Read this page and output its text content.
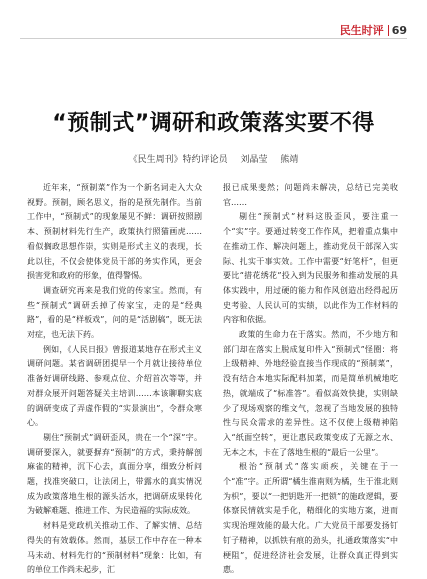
民生时评 69
“预制式”调研和政策落实要不得
《民生周刊》特约评论员 刘晶莹 熊靖

近年来，“预制菜”作为一个新名词走入大众视野。预制，顾名思义，指的是预先制作。当前工作中，“预制式”的现象屡见不鲜：调研按照剧本、预制材料先行生产，政策执行照猫画虎……看似搁政思想作崇，实则是形式主义的表现，长此以往，不仅会使体党员干部的务实作风，更会损害党和政府的形象，值得警惕。

调查研究再来是我们党的传家宝。然而，有些“预制式”调研丢掉了传家宝，走的是“经典路”，看的是“样板戏”，问的是“活剧稿”，既无法对症，也无法下药。

例如，《人民日报》曾报道某地存在形式主义调研问题。某省调研团提早一个月就让接待单位准备好调研线路、参观点位、介绍首次等等，并对群众展开问题答疑关主培训……本该聊聊实底的调研变成了弄虚作假的“实景演出”，令群众寒心。

剔住“预制式”调研歪风，贵在一个“深”字。调研要深入，就要摒弃“预制”的方式，秉持解剖麻雀的精神，沉下心去，真面分享，细致分析问题，找准突破口，让法闭上，带露水的真实情况成为政策落地生根的源头活水，把调研成果转化为破解难题、推进工作、为民造福的实际成效。

材料是党政机关推动工作、了解实情、总结得失的有效载体。然而，基层工作中存在一种本马未动、材料先行的“预制材料”现象：比如，有的单位工作尚未起步，汇

报已成果斐然；问题尚未解决，总结已完美收官……

剔住“预制式”材料这股歪风，要注重一个“实”字。要通过转变工作作风，把着重点集中在推动工作、解决问题上，推动党员干部深入实际、扎实干事实效。工作中需要“好笔杆”，但更要比“措花绣花”投入到为民服务和推动发展的具体实践中，用过硬的能力和作风创造出经得起历史考验、人民认可的实绩，以此作为工作材料的内容和依据。

政策的生命力在于落实。然而，不少地方和部门却在落实上脱成复印件入“预制式”怪圈：将上级精神、外地经验直接当作现成的“预制菜”，没有结合本地实际配料加菜，而是简单机械地吃热，就端成了“标准答”。看似高效快捷，实则缺少了现场观察的维文气，忽视了当地发展的独特性与民众需求的差异性。这不仅使上级精神陷入“纸面空转”，更让惠民政策变成了无源之水、无本之木，卡在了落地生根的“最后一公里”。

根治“预制式”落实顽疾，关键在于一个“准”字。正所谓“橘生淮南则为橘，生于淮北则为枳”，要以“一把钥匙开一把锁”的施政逻辑，要体察民情就实是手化，精细化的实地方案，进而实现治理效能的最大化。广大党员干部要发扬钉钉子精神，以抓铁有痕的劲头，扎通政策落实“中梗阻”，促进经济社会发展，让群众真正得到实惠。
